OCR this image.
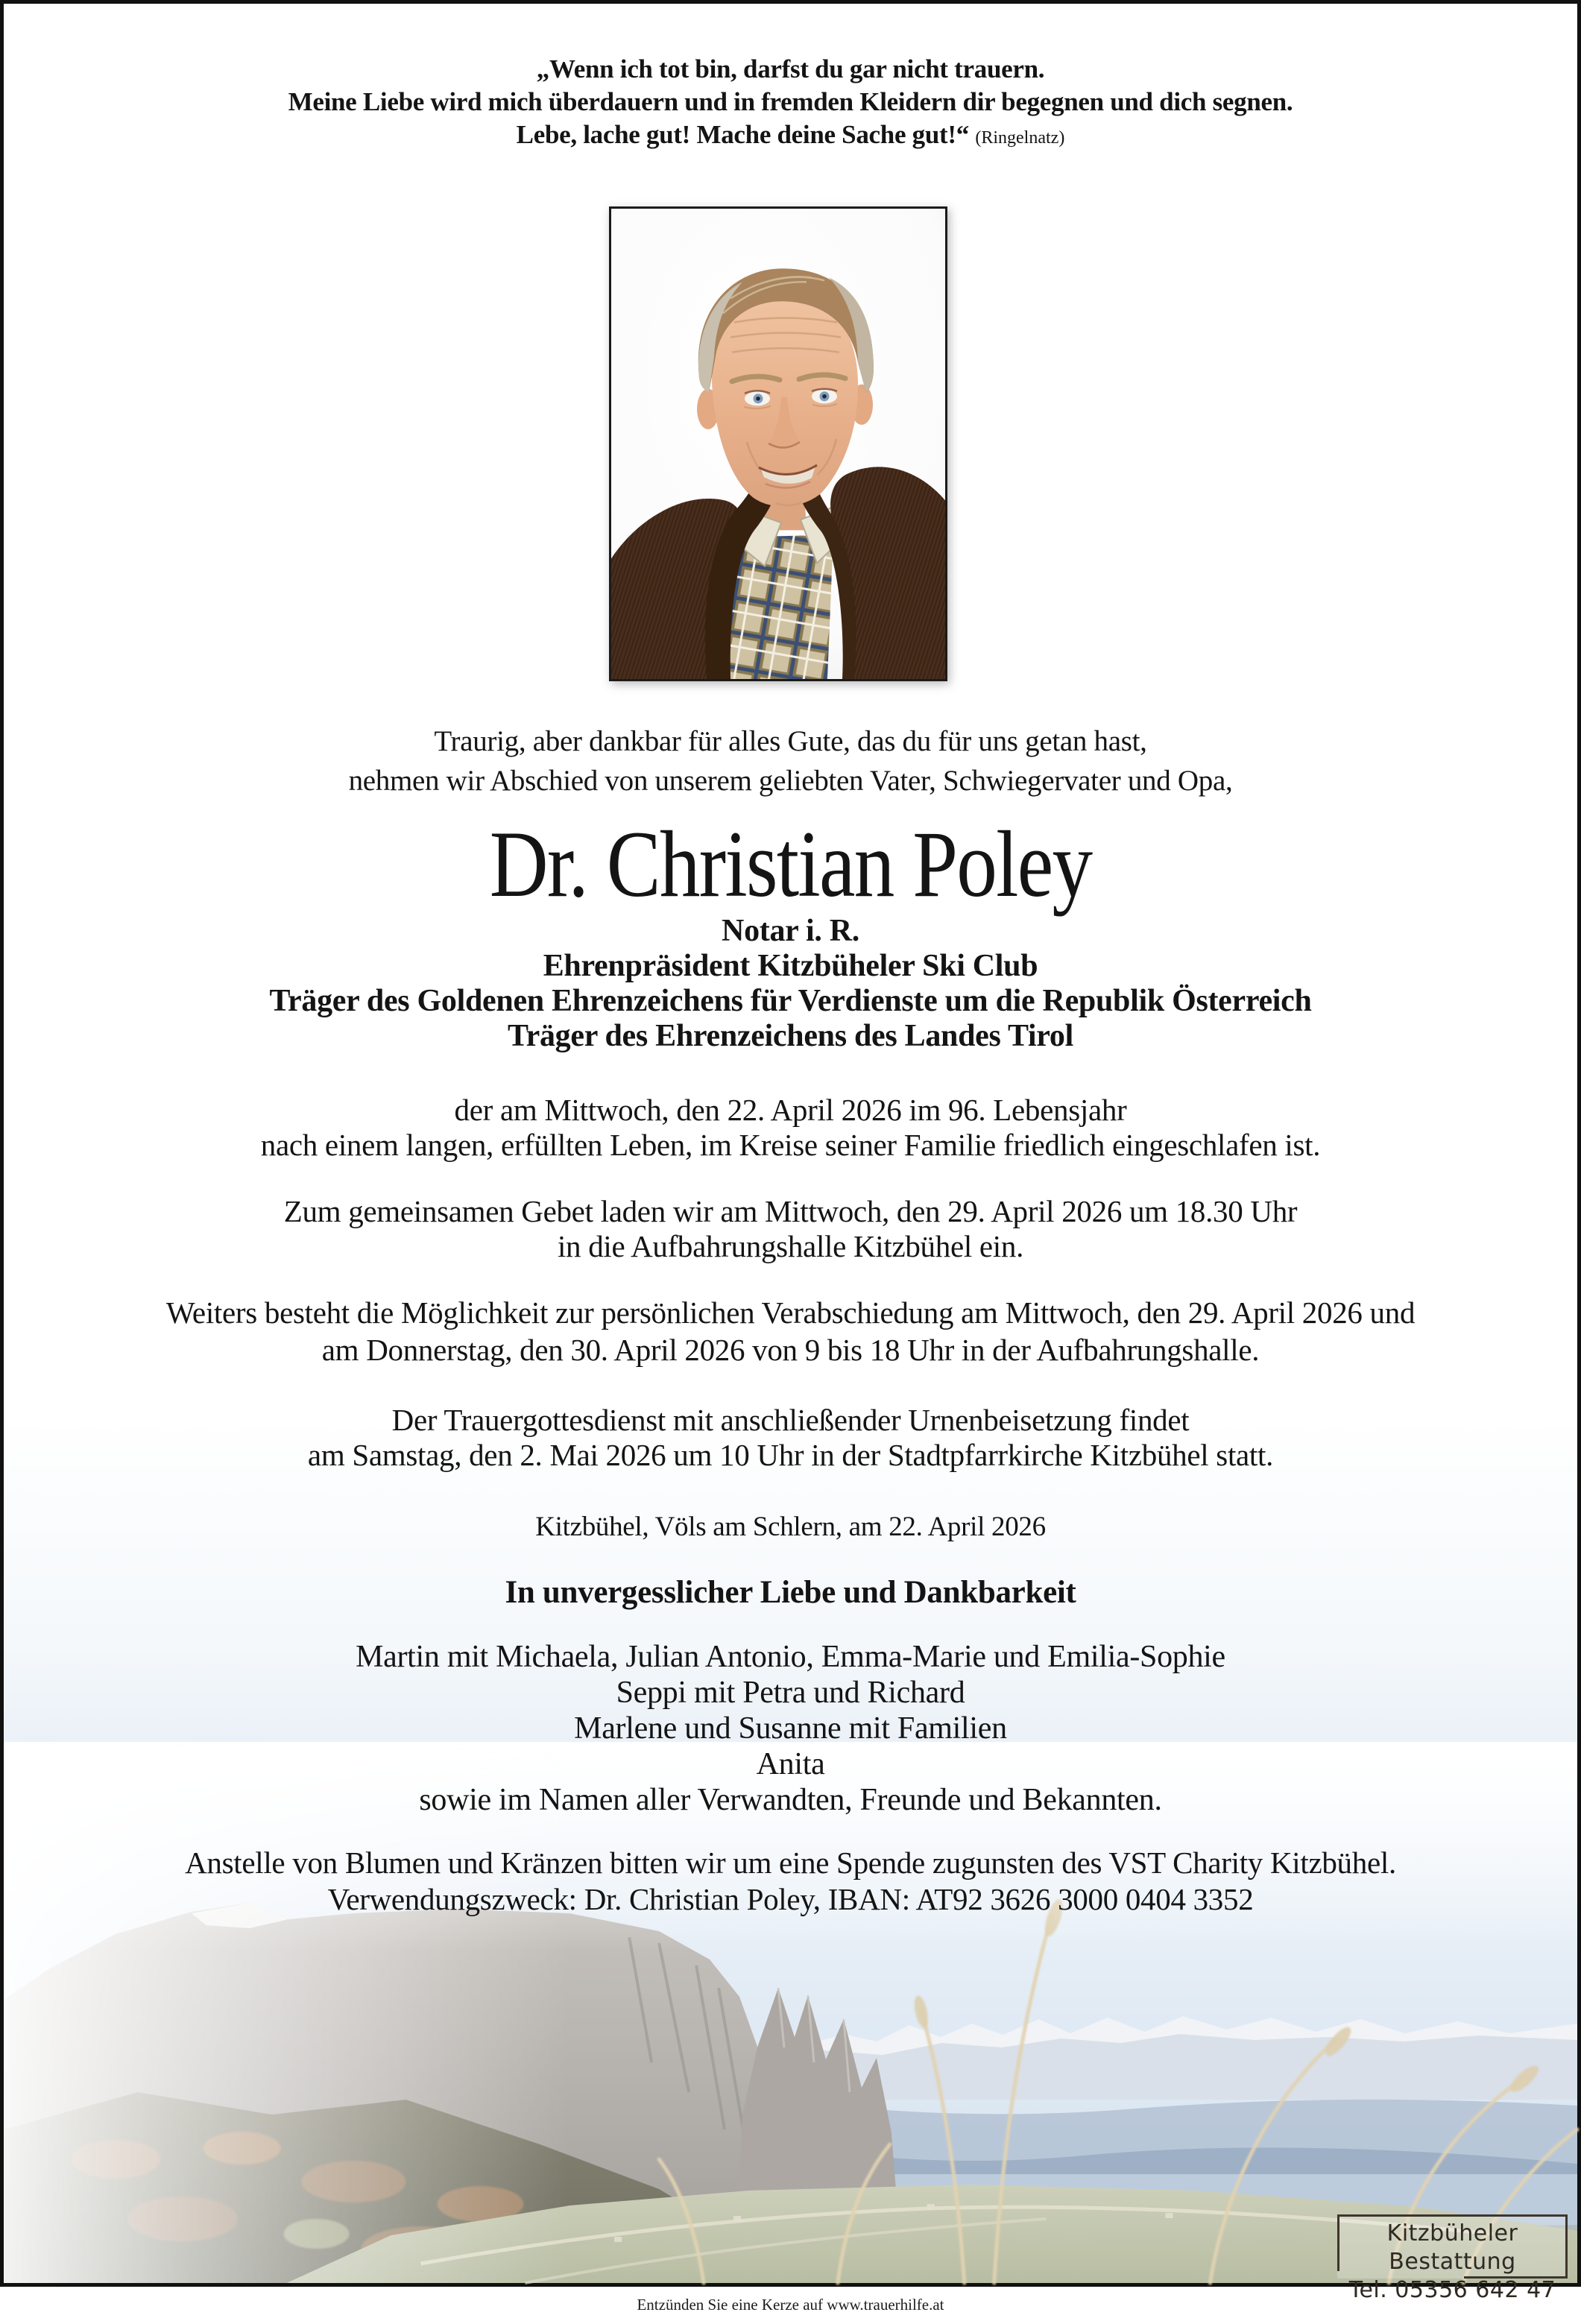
„Wenn ich tot bin, darfst du gar nicht trauern.
Meine Liebe wird mich überdauern und in fremden Kleidern dir begegnen und dich segnen.
Lebe, lache gut! Mache deine Sache gut!“ (Ringelnatz)
Traurig, aber dankbar für alles Gute, das du für uns getan hast,
nehmen wir Abschied von unserem geliebten Vater, Schwiegervater und Opa,
Dr. Christian Poley
Notar i. R.
Ehrenpräsident Kitzbüheler Ski Club
Träger des Goldenen Ehrenzeichens für Verdienste um die Republik Österreich
Träger des Ehrenzeichens des Landes Tirol
der am Mittwoch, den 22. April 2026 im 96. Lebensjahr
nach einem langen, erfüllten Leben, im Kreise seiner Familie friedlich eingeschlafen ist.
Zum gemeinsamen Gebet laden wir am Mittwoch, den 29. April 2026 um 18.30 Uhr
in die Aufbahrungshalle Kitzbühel ein.
Weiters besteht die Möglichkeit zur persönlichen Verabschiedung am Mittwoch, den 29. April 2026 und
am Donnerstag, den 30. April 2026 von 9 bis 18 Uhr in der Aufbahrungshalle.
Der Trauergottesdienst mit anschließender Urnenbeisetzung findet
am Samstag, den 2. Mai 2026 um 10 Uhr in der Stadtpfarrkirche Kitzbühel statt.
Kitzbühel, Völs am Schlern, am 22. April 2026
In unvergesslicher Liebe und Dankbarkeit
Martin mit Michaela, Julian Antonio, Emma-Marie und Emilia-Sophie
Seppi mit Petra und Richard
Marlene und Susanne mit Familien
Anita
sowie im Namen aller Verwandten, Freunde und Bekannten.
Anstelle von Blumen und Kränzen bitten wir um eine Spende zugunsten des VST Charity Kitzbühel.
Verwendungszweck: Dr. Christian Poley, IBAN: AT92 3626 3000 0404 3352
Kitzbüheler Bestattung
Tel. 05356 642 47
Entzünden Sie eine Kerze auf www.trauerhilfe.at
